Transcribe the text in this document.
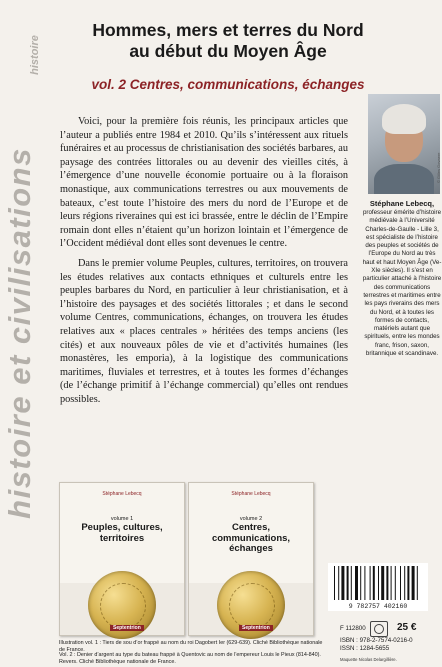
histoire et civilisations
histoire
Hommes, mers et terres du Nord
au début du Moyen Âge
vol. 2 Centres, communications, échanges

Voici, pour la première fois réunis, les principaux articles que l’auteur a publiés entre 1984 et 2010. Qu’ils s’intéressent aux rituels funéraires et au processus de christianisation des sociétés barbares, au paysage des contrées littorales ou au devenir des vieilles cités, à l’émergence d’une nouvelle économie portuaire ou à la floraison monastique, aux communications terrestres ou aux mouvements de bateaux, c’est toute l’histoire des mers du nord de l’Europe et de leurs régions riveraines qui est ici brassée, entre le déclin de l’Empire romain dont elles n’étaient qu’un horizon lointain et l’émergence de l’Occident médiéval dont elles sont devenues le centre.

Dans le premier volume Peuples, cultures, territoires, on trouvera les études relatives aux contacts ethniques et culturels entre les peuples barbares du Nord, en particulier à leur christianisation, et à l’histoire des paysages et des sociétés littorales ; et dans le second volume Centres, communications, échanges, on trouvera les études relatives aux « places centrales » héritées des temps anciens (les cités) et aux nouveaux pôles de vie et d’activités humaines (les monastères, les emporia), à la logistique des communications maritimes, fluviales et terrestres, et à toutes les formes d’échanges (de l’échange primitif à l’échange commercial) qu’elles ont rendues possibles.

© Gilles Govaere
Stéphane Lebecq,
professeur émérite d’histoire médiévale à l’Université Charles-de-Gaulle - Lille 3, est spécialiste de l’histoire des peuples et sociétés de l’Europe du Nord au très haut et haut Moyen Âge (Ve-XIe siècles). Il s’est en particulier attaché à l’histoire des communications terrestres et maritimes entre les pays riverains des mers du Nord, et à toutes les formes de contacts, matériels autant que spirituels, entre les mondes franc, frison, saxon, britannique et scandinave.
Stéphane Lebecq
volume 1
Peuples, cultures, territoires
Septentrion
Stéphane Lebecq
volume 2
Centres, communications, échanges
Septentrion
9 782757 402160
F 112800	25 €
ISBN : 978-2-7574-0216-0
ISSN : 1284-5655
Maquette Nicolas Delargillière.
Illustration vol. 1 : Tiers de sou d’or frappé au nom du roi Dagobert Ier (629-639). Cliché Bibliothèque nationale de France.
Vol. 2 : Denier d’argent au type du bateau frappé à Quentovic au nom de l’empereur Louis le Pieux (814-840). Revers. Cliché Bibliothèque nationale de France.
